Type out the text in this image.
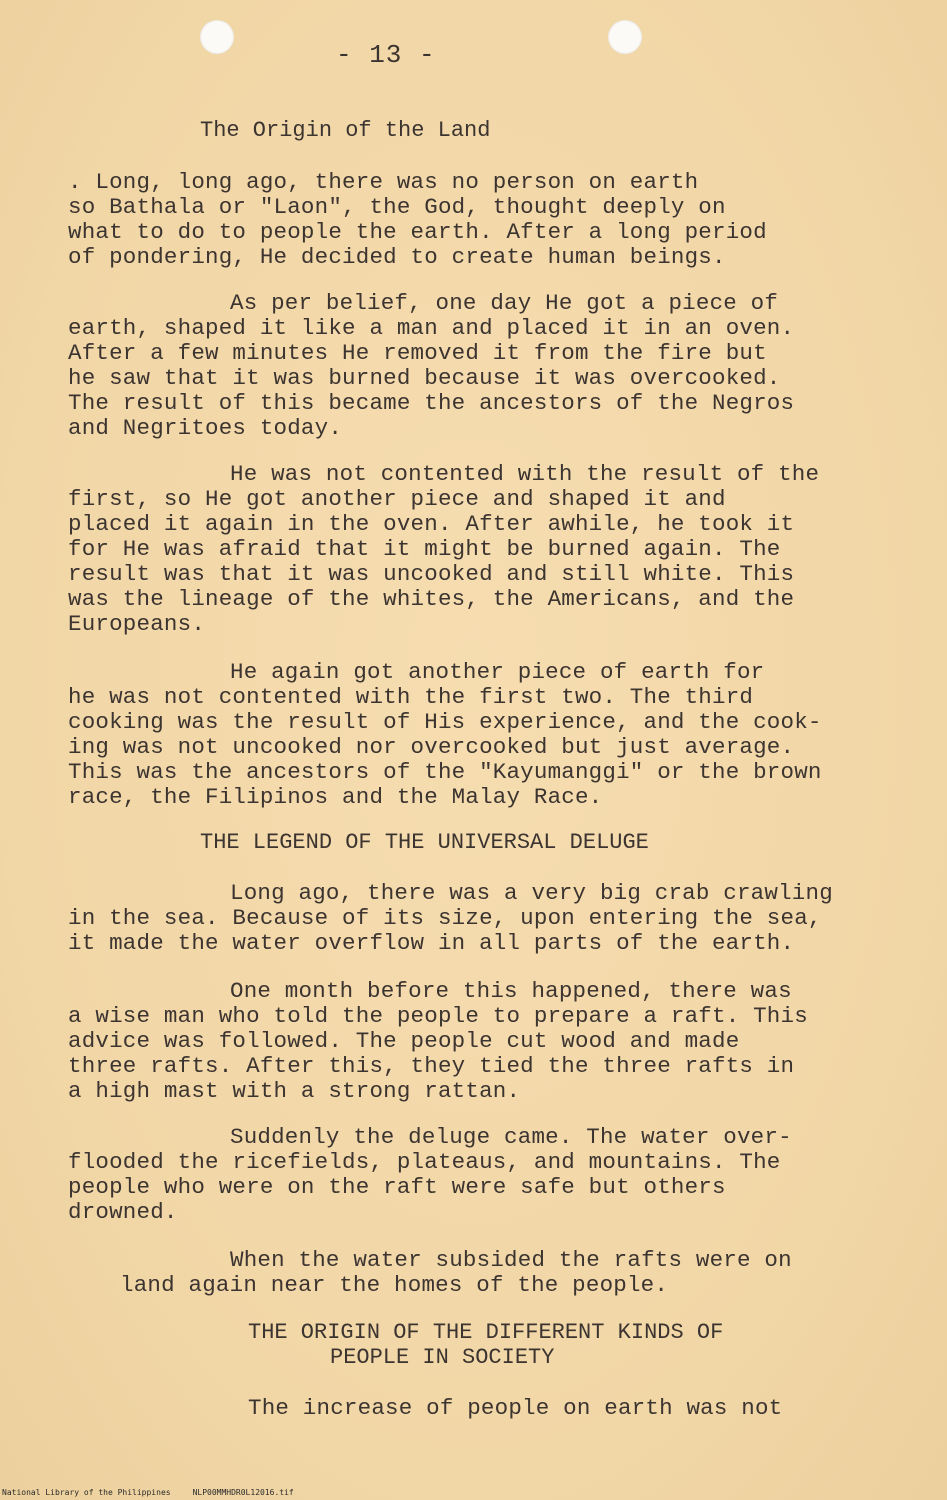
- 13 -
The Origin of the Land
. Long, long ago, there was no person on earth
so Bathala or "Laon", the God, thought deeply on
what to do to people the earth. After a long period
of pondering, He decided to create human beings.
As per belief, one day He got a piece of
earth, shaped it like a man and placed it in an oven.
After a few minutes He removed it from the fire but
he saw that it was burned because it was overcooked.
The result of this became the ancestors of the Negros
and Negritoes today.
He was not contented with the result of the
first, so He got another piece and shaped it and
placed it again in the oven. After awhile, he took it
for He was afraid that it might be burned again. The
result was that it was uncooked and still white. This
was the lineage of the whites, the Americans, and the
Europeans.
He again got another piece of earth for
he was not contented with the first two. The third
cooking was the result of His experience, and the cook-
ing was not uncooked nor overcooked but just average.
This was the ancestors of the "Kayumanggi" or the brown
race, the Filipinos and the Malay Race.
THE LEGEND OF THE UNIVERSAL DELUGE
Long ago, there was a very big crab crawling
in the sea. Because of its size, upon entering the sea,
it made the water overflow in all parts of the earth.
One month before this happened, there was
a wise man who told the people to prepare a raft. This
advice was followed. The people cut wood and made
three rafts. After this, they tied the three rafts in
a high mast with a strong rattan.
Suddenly the deluge came. The water over-
flooded the ricefields, plateaus, and mountains. The
people who were on the raft were safe but others
drowned.
When the water subsided the rafts were on
land again near the homes of the people.
THE ORIGIN OF THE DIFFERENT KINDS OF
PEOPLE IN SOCIETY
The increase of people on earth was not
National Library of the Philippines	NLP00MMHDR0L12016.tif
